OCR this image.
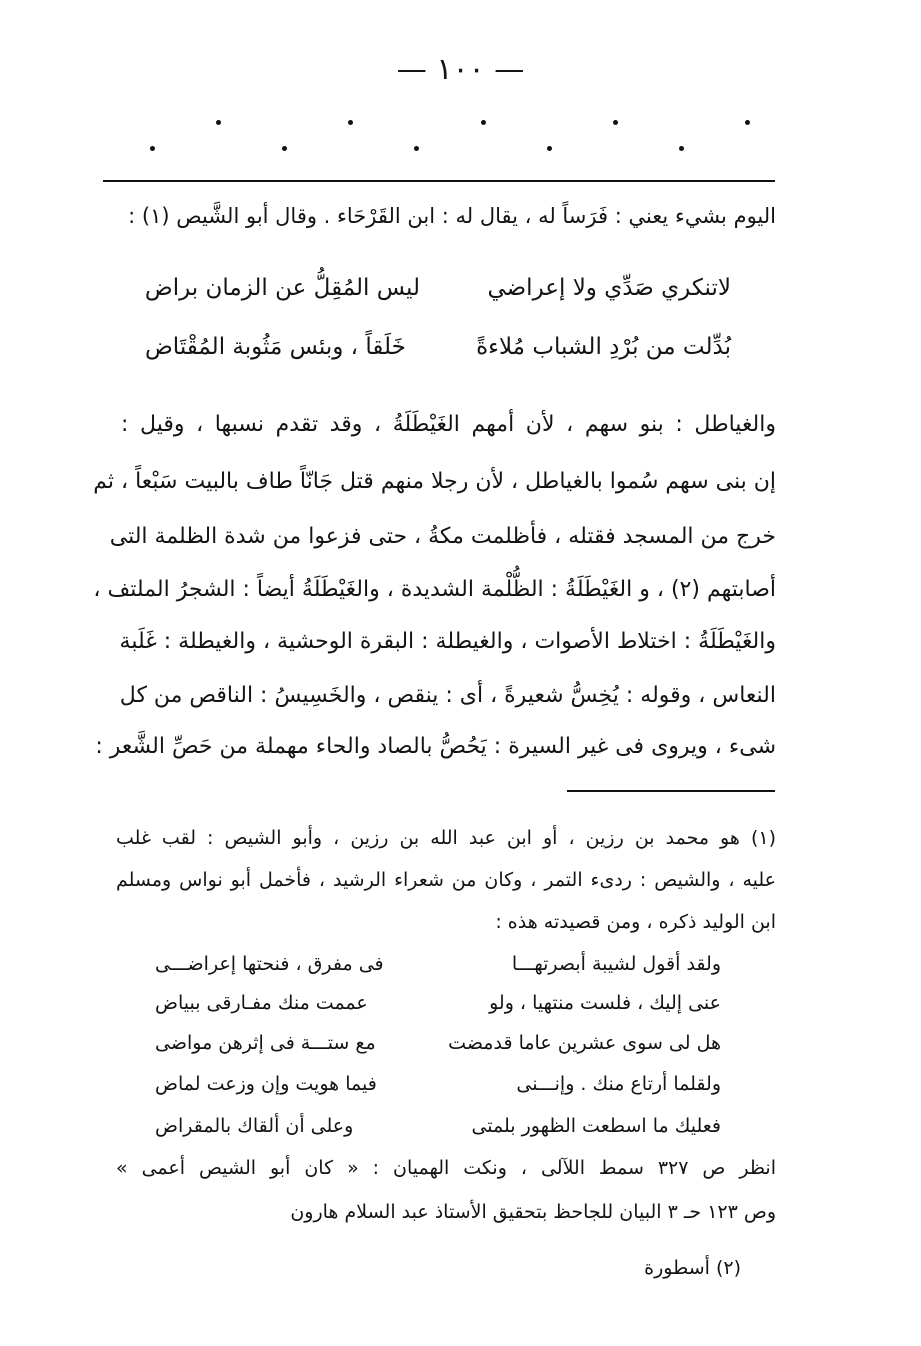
— ١٠٠ —
اليوم بشيء يعني : فَرَساً له ، يقال له : ابن القَرْحَاء . وقال أبو الشَّيص (١) :
لاتنكري صَدِّي ولا إعراضي
ليس المُقِلُّ عن الزمان براض
بُدِّلت من بُرْدِ الشباب مُلاءةً
خَلَقاً ، وبئس مَثُوبة المُقْتَاض
والغياطل : بنو سهم ، لأن أمهم الغَيْطَلَةُ ، وقد تقدم نسبها ، وقيل :
إن بنى سهم سُموا بالغياطل ، لأن رجلا منهم قتل جَانّاً طاف بالبيت سَبْعاً ، ثم
خرج من المسجد فقتله ، فأظلمت مكةُ ، حتى فزعوا من شدة الظلمة التى
أصابتهم (٢) ، و الغَيْطَلَةُ : الظُّلْمة الشديدة ، والغَيْطَلَةُ أيضاً : الشجرُ الملتف ،
والغَيْطَلَةُ : اختلاط الأصوات ، والغيطلة : البقرة الوحشية ، والغيطلة : غَلَبة
النعاس ، وقوله : يُخِسُّ شعيرةً ، أى : ينقص ، والخَسِيسُ : الناقص من كل
شىء ، ويروى فى غير السيرة : يَحُصُّ بالصاد والحاء مهملة من حَصِّ الشَّعر :
(١) هو محمد بن رزين ، أو ابن عبد الله بن رزين ، وأبو الشيص : لقب غلب
عليه ، والشيص : ردىء التمر ، وكان من شعراء الرشيد ، فأخمل أبو نواس ومسلم
ابن الوليد ذكره ، ومن قصيدته هذه :
ولقد أقول لشيبة أبصرتهـــا
فى مفرق ، فنحتها إعراضـــى
عنى إليك ، فلست منتهيا ، ولو
عممت منك مفـارقى ببياض
هل لى سوى عشرين عاما قدمضت
مع ستـــة فى إثرهن مواضى
ولقلما أرتاع منك . وإنـــنى
فيما هويت وإن وزعت لماض
فعليك ما اسطعت الظهور بلمتى
وعلى أن ألقاك بالمقراض
انظر ص ٣٢٧ سمط اللآلى ، ونكت الهميان : « كان أبو الشيص أعمى »
وص ١٢٣ حـ ٣ البيان للجاحظ بتحقيق الأستاذ عبد السلام هارون
(٢) أسطورة
